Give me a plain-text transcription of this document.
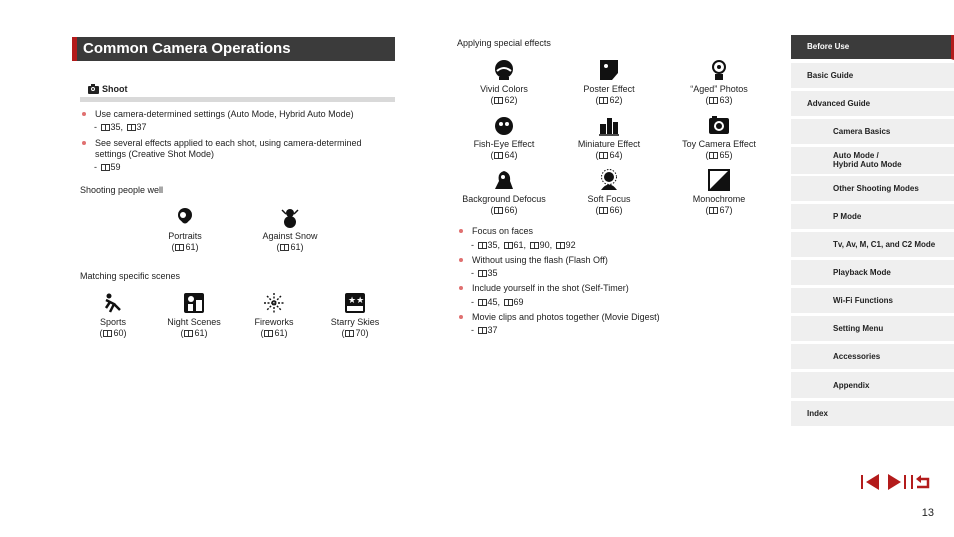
Common Camera Operations
Shoot
Use camera-determined settings (Auto Mode, Hybrid Auto Mode)
- 35, 37
See several effects applied to each shot, using camera-determined
settings (Creative Shot Mode)
- 59
Shooting people well
Portraits
( 61)
Against Snow
( 61)
Matching specific scenes
Sports
( 60)
Night Scenes
( 61)
Fireworks
( 61)
★★
Starry Skies
( 70)
Applying special effects
Vivid Colors
( 62)
Poster Effect
( 62)
“Aged” Photos
( 63)
Fish-Eye Effect
( 64)
Miniature Effect
( 64)
Toy Camera Effect
( 65)
Background Defocus
( 66)
Soft Focus
( 66)
Monochrome
( 67)
Focus on faces
- 35, 61, 90, 92
Without using the flash (Flash Off)
- 35
Include yourself in the shot (Self-Timer)
- 45, 69
Movie clips and photos together (Movie Digest)
- 37
Before Use
Basic Guide
Advanced Guide
Camera Basics
Auto Mode /
Hybrid Auto Mode
Other Shooting Modes
P Mode
Tv, Av, M, C1, and C2 Mode
Playback Mode
Wi-Fi Functions
Setting Menu
Accessories
Appendix
Index
13
